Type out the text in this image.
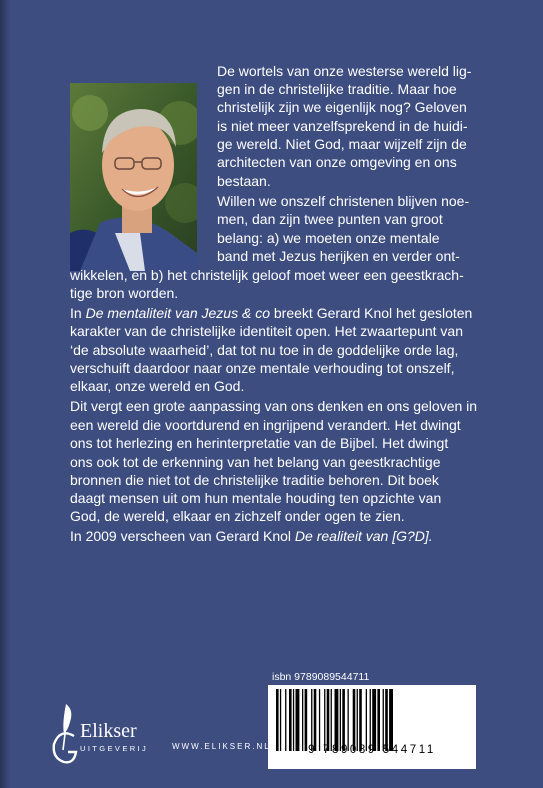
De wortels van onze westerse wereld lig-
gen in de christelijke traditie. Maar hoe
christelijk zijn we eigenlijk nog? Geloven
is niet meer vanzelfsprekend in de huidi-
ge wereld. Niet God, maar wijzelf zijn de
architecten van onze omgeving en ons
bestaan.
Willen we onszelf christenen blijven noe-
men, dan zijn twee punten van groot
belang: a) we moeten onze mentale
band met Jezus herijken en verder ont-
wikkelen, en b) het christelijk geloof moet weer een geestkrach-
tige bron worden.
In De mentaliteit van Jezus & co breekt Gerard Knol het gesloten
karakter van de christelijke identiteit open. Het zwaartepunt van
‘de absolute waarheid’, dat tot nu toe in de goddelijke orde lag,
verschuift daardoor naar onze mentale verhouding tot onszelf,
elkaar, onze wereld en God.
Dit vergt een grote aanpassing van ons denken en ons geloven in
een wereld die voortdurend en ingrijpend verandert. Het dwingt
ons tot herlezing en herinterpretatie van de Bijbel. Het dwingt
ons ook tot de erkenning van het belang van geestkrachtige
bronnen die niet tot de christelijke traditie behoren. Dit boek
daagt mensen uit om hun mentale houding ten opzichte van
God, de wereld, elkaar en zichzelf onder ogen te zien.
In 2009 verscheen van Gerard Knol De realiteit van [G?D].
isbn 9789089544711
9 789089 544711
Elikser
UITGEVERIJ	WWW.ELIKSER.NL
